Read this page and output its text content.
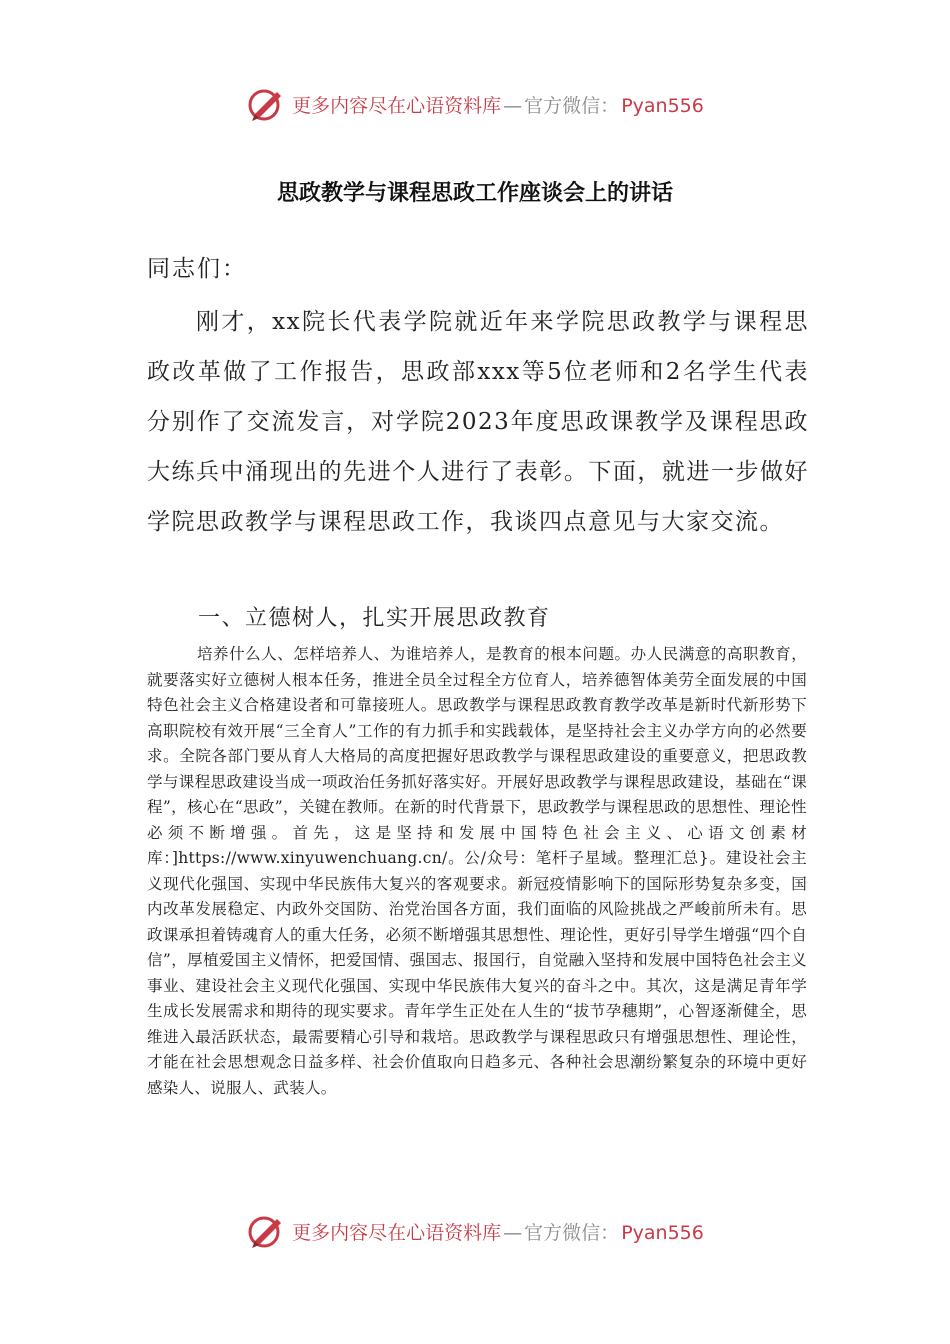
更多内容尽在心语资料库 — 官方微信： Pyan556
思政教学与课程思政工作座谈会上的讲话
同志们：

刚才，xx院长代表学院就近年来学院思政教学与课程思政改革做了工作报告，思政部xxx等5位老师和2名学生代表分别作了交流发言，对学院2023年度思政课教学及课程思政大练兵中涌现出的先进个人进行了表彰。下面，就进一步做好学院思政教学与课程思政工作，我谈四点意见与大家交流。

一、立德树人，扎实开展思政教育

培养什么人、怎样培养人、为谁培养人，是教育的根本问题。办人民满意的高职教育，就要落实好立德树人根本任务，推进全员全过程全方位育人，培养德智体美劳全面发展的中国特色社会主义合格建设者和可靠接班人。思政教学与课程思政教育教学改革是新时代新形势下高职院校有效开展“三全育人”工作的有力抓手和实践载体，是坚持社会主义办学方向的必然要求。全院各部门要从育人大格局的高度把握好思政教学与课程思政建设的重要意义，把思政教学与课程思政建设当成一项政治任务抓好落实好。开展好思政教学与课程思政建设，基础在“课程”，核心在“思政”，关键在教师。在新的时代背景下，思政教学与课程思政的思想性、理论性必须不断增强。首先，这是坚持和发展中国特色社会主义、心语文创素材库：]https://www.xinyuwenchuang.cn/。公/众号：笔杆子星域。整理汇总}。建设社会主义现代化强国、实现中华民族伟大复兴的客观要求。新冠疫情影响下的国际形势复杂多变，国内改革发展稳定、内政外交国防、治党治国各方面，我们面临的风险挑战之严峻前所未有。思政课承担着铸魂育人的重大任务，必须不断增强其思想性、理论性，更好引导学生增强“四个自信”，厚植爱国主义情怀，把爱国情、强国志、报国行，自觉融入坚持和发展中国特色社会主义事业、建设社会主义现代化强国、实现中华民族伟大复兴的奋斗之中。其次，这是满足青年学生成长发展需求和期待的现实要求。青年学生正处在人生的“拔节孕穗期”，心智逐渐健全，思维进入最活跃状态，最需要精心引导和栽培。思政教学与课程思政只有增强思想性、理论性，才能在社会思想观念日益多样、社会价值取向日趋多元、各种社会思潮纷繁复杂的环境中更好感染人、说服人、武装人。

更多内容尽在心语资料库 — 官方微信： Pyan556
